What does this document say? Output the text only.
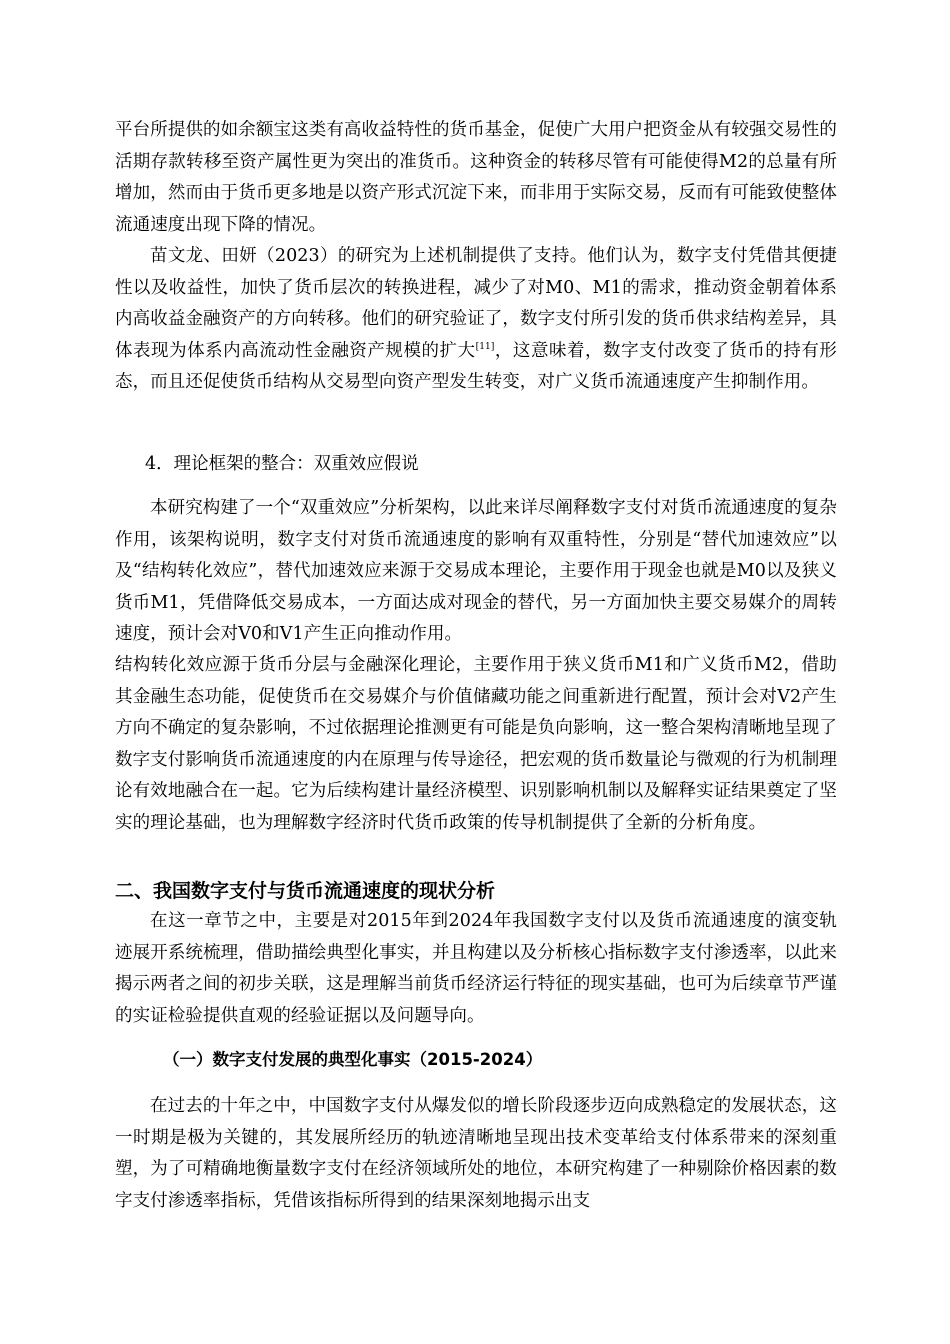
平台所提供的如余额宝这类有高收益特性的货币基金，促使广大用户把资金从有较强交易性的活期存款转移至资产属性更为突出的准货币。这种资金的转移尽管有可能使得M2的总量有所增加，然而由于货币更多地是以资产形式沉淀下来，而非用于实际交易，反而有可能致使整体流通速度出现下降的情况。

苗文龙、田妍（2023）的研究为上述机制提供了支持。他们认为，数字支付凭借其便捷性以及收益性，加快了货币层次的转换进程，减少了对M0、M1的需求，推动资金朝着体系内高收益金融资产的方向转移。他们的研究验证了，数字支付所引发的货币供求结构差异，具体表现为体系内高流动性金融资产规模的扩大[11]，这意味着，数字支付改变了货币的持有形态，而且还促使货币结构从交易型向资产型发生转变，对广义货币流通速度产生抑制作用。

4．理论框架的整合：双重效应假说

本研究构建了一个“双重效应”分析架构，以此来详尽阐释数字支付对货币流通速度的复杂作用，该架构说明，数字支付对货币流通速度的影响有双重特性，分别是“替代加速效应”以及“结构转化效应”，替代加速效应来源于交易成本理论，主要作用于现金也就是M0以及狭义货币M1，凭借降低交易成本，一方面达成对现金的替代，另一方面加快主要交易媒介的周转速度，预计会对V0和V1产生正向推动作用。

结构转化效应源于货币分层与金融深化理论，主要作用于狭义货币M1和广义货币M2，借助其金融生态功能，促使货币在交易媒介与价值储藏功能之间重新进行配置，预计会对V2产生方向不确定的复杂影响，不过依据理论推测更有可能是负向影响，这一整合架构清晰地呈现了数字支付影响货币流通速度的内在原理与传导途径，把宏观的货币数量论与微观的行为机制理论有效地融合在一起。它为后续构建计量经济模型、识别影响机制以及解释实证结果奠定了坚实的理论基础，也为理解数字经济时代货币政策的传导机制提供了全新的分析角度。

二、我国数字支付与货币流通速度的现状分析

在这一章节之中，主要是对2015年到2024年我国数字支付以及货币流通速度的演变轨迹展开系统梳理，借助描绘典型化事实，并且构建以及分析核心指标数字支付渗透率，以此来揭示两者之间的初步关联，这是理解当前货币经济运行特征的现实基础，也可为后续章节严谨的实证检验提供直观的经验证据以及问题导向。

（一）数字支付发展的典型化事实（2015-2024）

在过去的十年之中，中国数字支付从爆发似的增长阶段逐步迈向成熟稳定的发展状态，这一时期是极为关键的，其发展所经历的轨迹清晰地呈现出技术变革给支付体系带来的深刻重塑，为了可精确地衡量数字支付在经济领域所处的地位，本研究构建了一种剔除价格因素的数字支付渗透率指标，凭借该指标所得到的结果深刻地揭示出支
